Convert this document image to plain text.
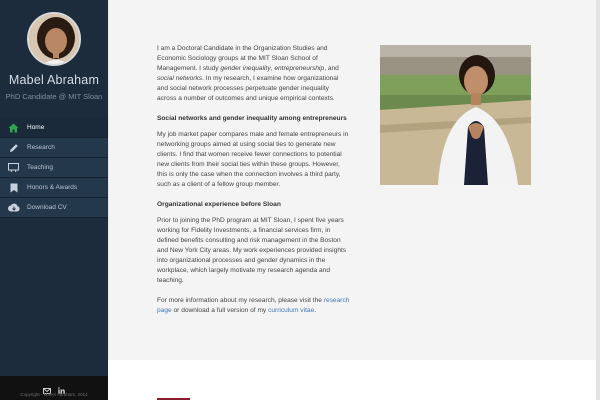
Mabel Abraham
PhD Candidate @ MIT Sloan
Home
Research
Teaching
Honors & Awards
Download CV
Copyright - Mabel Abraham, 2014

I am a Doctoral Candidate in the Organization Studies and Economic Sociology groups at the MIT Sloan School of Management. I study gender inequality, entrepreneurship, and social networks. In my research, I examine how organizational and social network processes perpetuate gender inequality across a number of outcomes and unique empirical contexts.

Social networks and gender inequality among entrepreneurs

My job market paper compares male and female entrepreneurs in networking groups aimed at using social ties to generate new clients. I find that women receive fewer connections to potential new clients from their social ties within these groups. However, this is only the case when the connection involves a third party, such as a client of a fellow group member.

Organizational experience before Sloan

Prior to joining the PhD program at MIT Sloan, I spent five years working for Fidelity Investments, a financial services firm, in defined benefits consulting and risk management in the Boston and New York City areas. My work experiences provided insights into organizational processes and gender dynamics in the workplace, which largely motivate my research agenda and teaching.

For more information about my research, please visit the research page or download a full version of my curriculum vitae.
